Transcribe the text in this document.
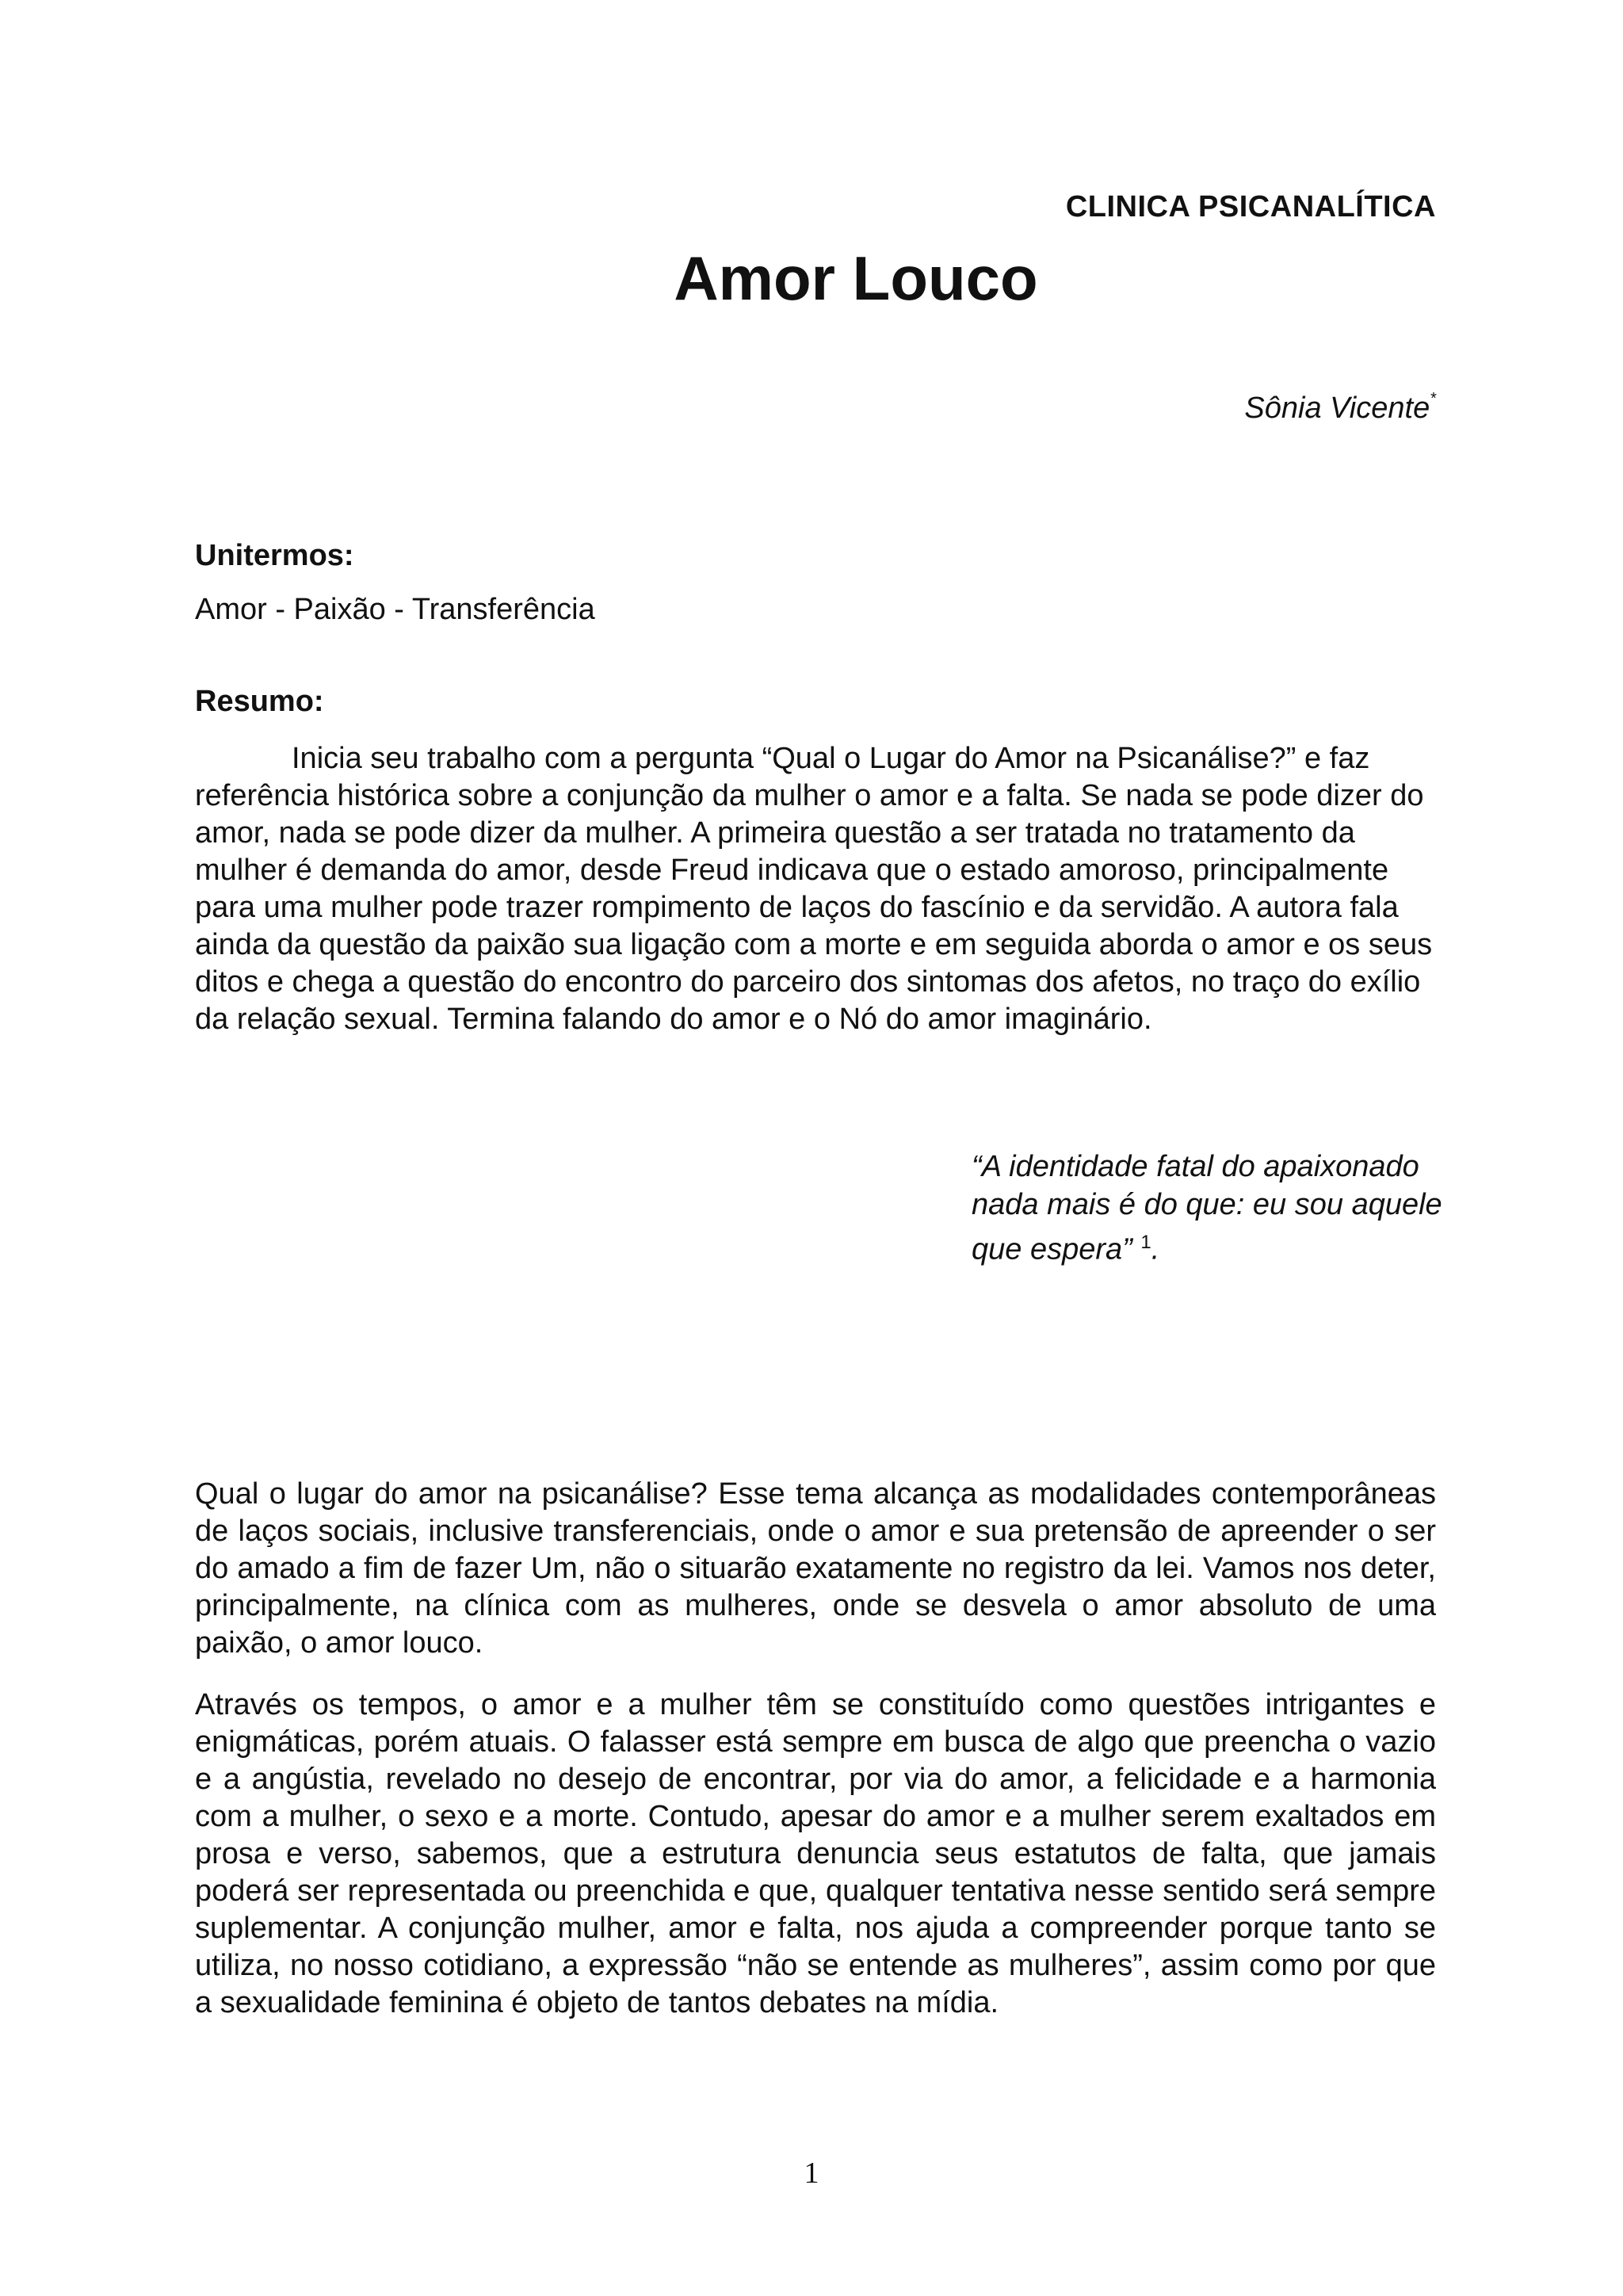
CLINICA PSICANALÍTICA
Amor Louco
Sônia Vicente*
Unitermos:
Amor - Paixão - Transferência
Resumo:

Inicia seu trabalho com a pergunta “Qual o Lugar do Amor na Psicanálise?” e faz referência histórica sobre a conjunção da mulher o amor e a falta. Se nada se pode dizer do amor, nada se pode dizer da mulher. A primeira questão a ser tratada no tratamento da mulher é demanda do amor, desde Freud indicava que o estado amoroso, principalmente para uma mulher pode trazer rompimento de laços do fascínio e da servidão. A autora fala ainda da questão da paixão sua ligação com a morte e em seguida aborda o amor e os seus ditos e chega a questão do encontro do parceiro dos sintomas dos afetos, no traço do exílio da relação sexual. Termina falando do amor e o Nó do amor imaginário.

“A identidade fatal do apaixonado nada mais é do que: eu sou aquele que espera” $^1$.

Qual o lugar do amor na psicanálise? Esse tema alcança as modalidades contemporâneas de laços sociais, inclusive transferenciais, onde o amor e sua pretensão de apreender o ser do amado a fim de fazer Um, não o situarão exatamente no registro da lei. Vamos nos deter, principalmente, na clínica com as mulheres, onde se desvela o amor absoluto de uma paixão, o amor louco.

Através os tempos, o amor e a mulher têm se constituído como questões intrigantes e enigmáticas, porém atuais. O falasser está sempre em busca de algo que preencha o vazio e a angústia, revelado no desejo de encontrar, por via do amor, a felicidade e a harmonia com a mulher, o sexo e a morte. Contudo, apesar do amor e a mulher serem exaltados em prosa e verso, sabemos, que a estrutura denuncia seus estatutos de falta, que jamais poderá ser representada ou preenchida e que, qualquer tentativa nesse sentido será sempre suplementar. A conjunção mulher, amor e falta, nos ajuda a compreender porque tanto se utiliza, no nosso cotidiano, a expressão “não se entende as mulheres”, assim como por que a sexualidade feminina é objeto de tantos debates na mídia.

1
